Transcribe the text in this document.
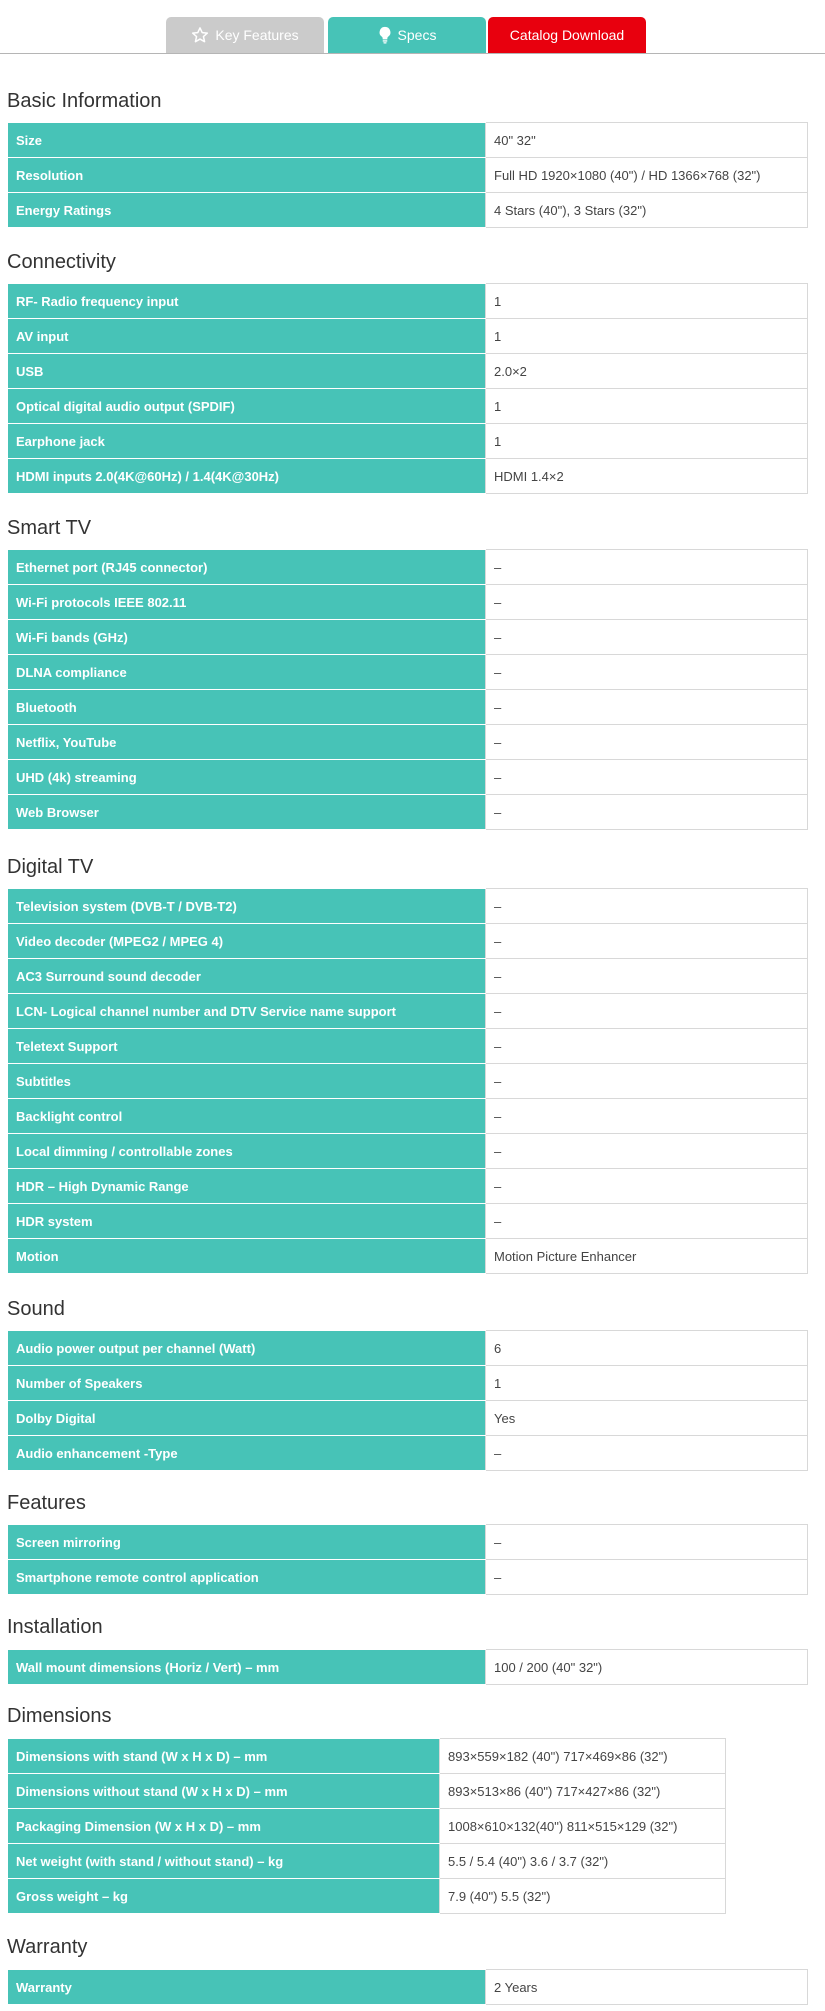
Key Features	Specs	Catalog Download
Basic Information
Size	40" 32"
Resolution	Full HD 1920×1080 (40") / HD 1366×768 (32")
Energy Ratings	4 Stars (40"), 3 Stars (32")
Connectivity
RF- Radio frequency input	1
AV input	1
USB	2.0×2
Optical digital audio output (SPDIF)	1
Earphone jack	1
HDMI inputs 2.0(4K@60Hz) / 1.4(4K@30Hz)	HDMI 1.4×2
Smart TV
Ethernet port (RJ45 connector)	–
Wi-Fi protocols IEEE 802.11	–
Wi-Fi bands (GHz)	–
DLNA compliance	–
Bluetooth	–
Netflix, YouTube	–
UHD (4k) streaming	–
Web Browser	–
Digital TV
Television system (DVB-T / DVB-T2)	–
Video decoder (MPEG2 / MPEG 4)	–
AC3 Surround sound decoder	–
LCN- Logical channel number and DTV Service name support	–
Teletext Support	–
Subtitles	–
Backlight control	–
Local dimming / controllable zones	–
HDR – High Dynamic Range	–
HDR system	–
Motion	Motion Picture Enhancer
Sound
Audio power output per channel (Watt)	6
Number of Speakers	1
Dolby Digital	Yes
Audio enhancement -Type	–
Features
Screen mirroring	–
Smartphone remote control application	–
Installation
Wall mount dimensions (Horiz / Vert) – mm	100 / 200 (40" 32")
Dimensions
Dimensions with stand (W x H x D) – mm	893×559×182 (40") 717×469×86 (32")
Dimensions without stand (W x H x D) – mm	893×513×86 (40") 717×427×86 (32")
Packaging Dimension (W x H x D) – mm	1008×610×132(40") 811×515×129 (32")
Net weight (with stand / without stand) – kg	5.5 / 5.4 (40") 3.6 / 3.7 (32")
Gross weight – kg	7.9 (40") 5.5 (32")
Warranty
Warranty	2 Years
